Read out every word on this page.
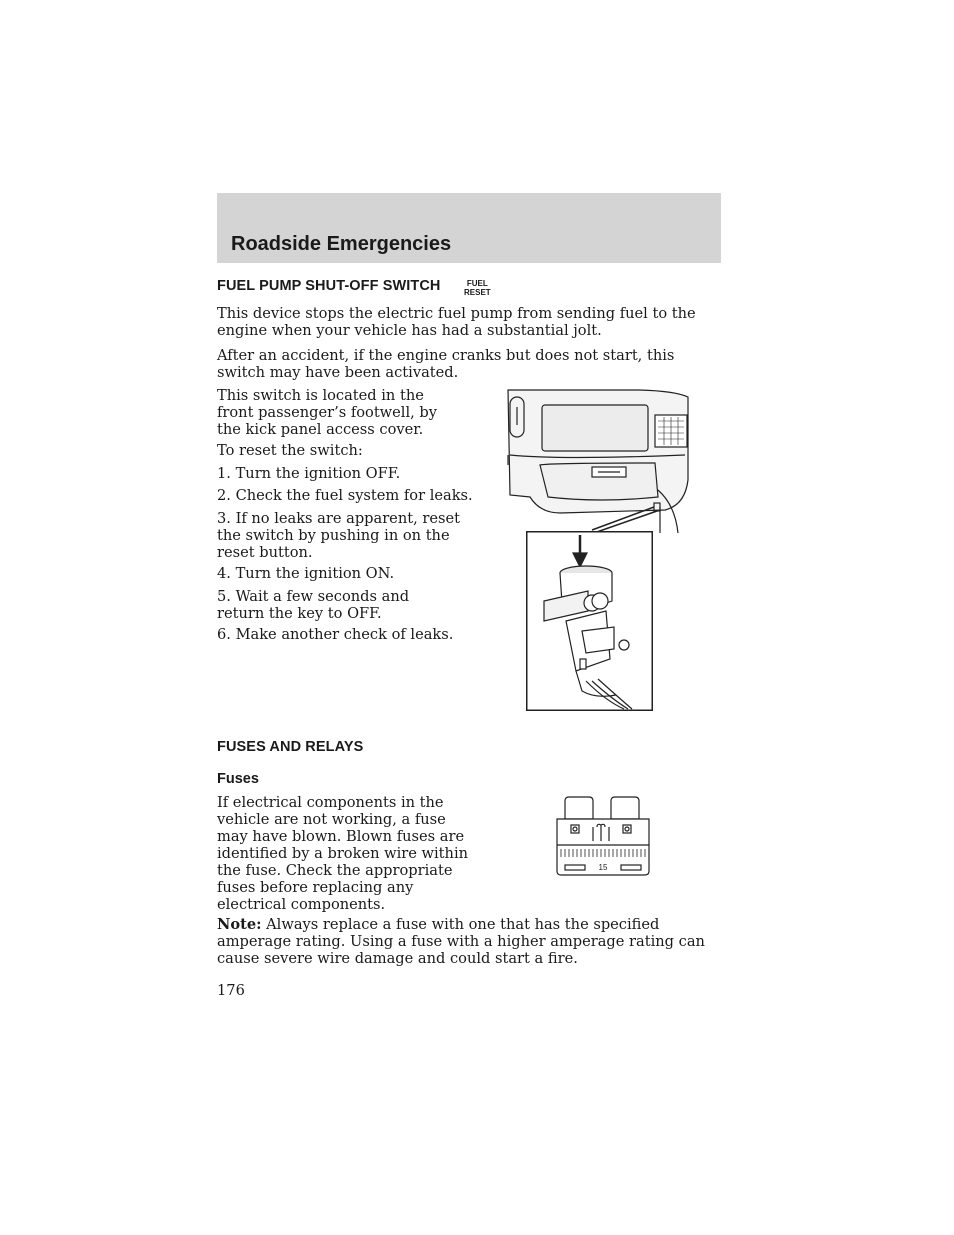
Roadside Emergencies
FUEL PUMP SHUT-OFF SWITCH	FUEL
RESET

This device stops the electric fuel pump from sending fuel to the engine when your vehicle has had a substantial jolt.

After an accident, if the engine cranks but does not start, this switch may have been activated.

This switch is located in the front passenger’s footwell, by the kick panel access cover.

To reset the switch:

1. Turn the ignition OFF.

2. Check the fuel system for leaks.

3. If no leaks are apparent, reset the switch by pushing in on the reset button.

4. Turn the ignition ON.

5. Wait a few seconds and return the key to OFF.

6. Make another check of leaks.

FUSES AND RELAYS
Fuses

If electrical components in the vehicle are not working, a fuse may have blown. Blown fuses are identified by a broken wire within the fuse. Check the appropriate fuses before replacing any electrical components.

15

Note: Always replace a fuse with one that has the specified amperage rating. Using a fuse with a higher amperage rating can cause severe wire damage and could start a fire.

176
